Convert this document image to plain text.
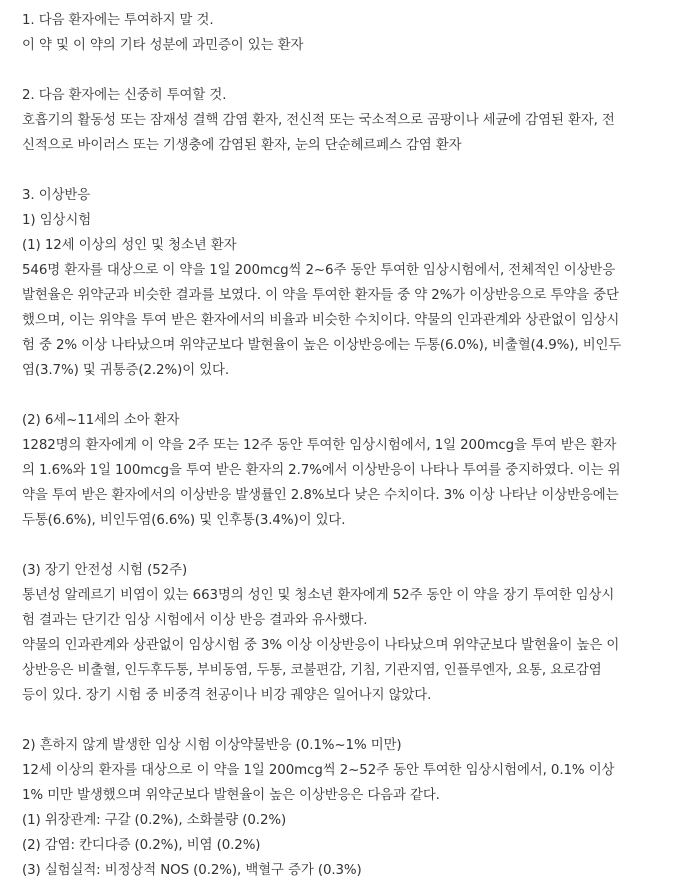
1. 다음 환자에는 투여하지 말 것.
이 약 및 이 약의 기타 성분에 과민증이 있는 환자
2. 다음 환자에는 신중히 투여할 것.
호흡기의 활동성 또는 잠재성 결핵 감염 환자, 전신적 또는 국소적으로 곰팡이나 세균에 감염된 환자, 전
신적으로 바이러스 또는 기생충에 감염된 환자, 눈의 단순헤르페스 감염 환자
3. 이상반응
1) 임상시험
(1) 12세 이상의 성인 및 청소년 환자
546명 환자를 대상으로 이 약을 1일 200mcg씩 2~6주 동안 투여한 임상시험에서, 전체적인 이상반응
발현율은 위약군과 비슷한 결과를 보였다. 이 약을 투여한 환자들 중 약 2%가 이상반응으로 투약을 중단
했으며, 이는 위약을 투여 받은 환자에서의 비율과 비슷한 수치이다. 약물의 인과관계와 상관없이 임상시
험 중 2% 이상 나타났으며 위약군보다 발현율이 높은 이상반응에는 두통(6.0%), 비출혈(4.9%), 비인두
염(3.7%) 및 귀통증(2.2%)이 있다.
(2) 6세~11세의 소아 환자
1282명의 환자에게 이 약을 2주 또는 12주 동안 투여한 임상시험에서, 1일 200mcg을 투여 받은 환자
의 1.6%와 1일 100mcg을 투여 받은 환자의 2.7%에서 이상반응이 나타나 투여를 중지하였다. 이는 위
약을 투여 받은 환자에서의 이상반응 발생률인 2.8%보다 낮은 수치이다. 3% 이상 나타난 이상반응에는
두통(6.6%), 비인두염(6.6%) 및 인후통(3.4%)이 있다.
(3) 장기 안전성 시험 (52주)
통년성 알레르기 비염이 있는 663명의 성인 및 청소년 환자에게 52주 동안 이 약을 장기 투여한 임상시
험 결과는 단기간 임상 시험에서 이상 반응 결과와 유사했다.
약물의 인과관계와 상관없이 임상시험 중 3% 이상 이상반응이 나타났으며 위약군보다 발현율이 높은 이
상반응은 비출혈, 인두후두통, 부비동염, 두통, 코불편감, 기침, 기관지염, 인플루엔자, 요통, 요로감염
등이 있다. 장기 시험 중 비중격 천공이나 비강 궤양은 일어나지 않았다.
2) 흔하지 않게 발생한 임상 시험 이상약물반응 (0.1%~1% 미만)
12세 이상의 환자를 대상으로 이 약을 1일 200mcg씩 2~52주 동안 투여한 임상시험에서, 0.1% 이상
1% 미만 발생했으며 위약군보다 발현율이 높은 이상반응은 다음과 같다.
(1) 위장관계: 구갈 (0.2%), 소화불량 (0.2%)
(2) 감염: 칸디다증 (0.2%), 비염 (0.2%)
(3) 실험실적: 비정상적 NOS (0.2%), 백혈구 증가 (0.3%)
